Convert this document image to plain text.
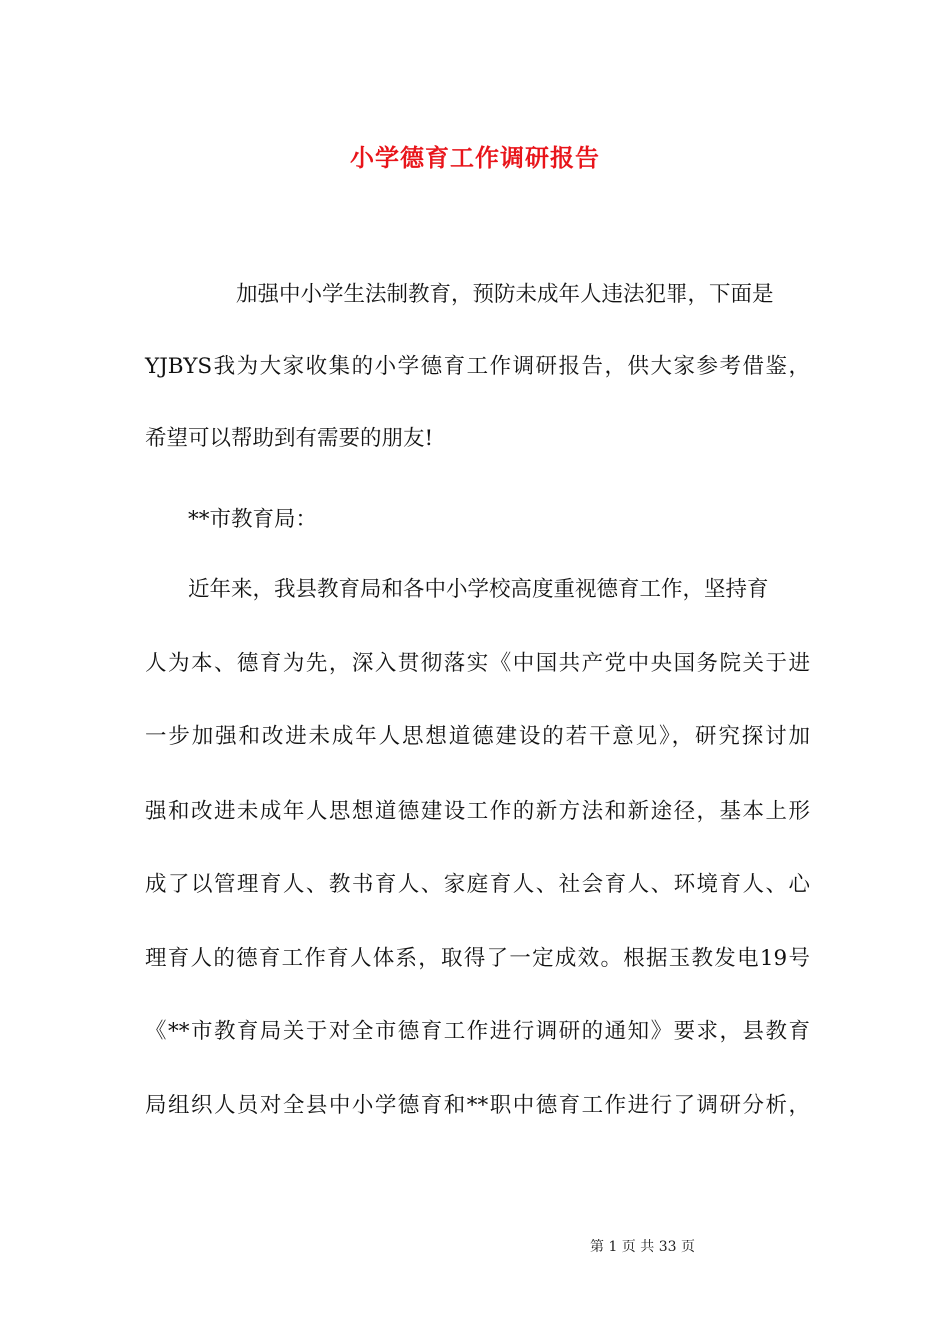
小学德育工作调研报告
加强中小学生法制教育，预防未成年人违法犯罪，下面是
YJBYS我为大家收集的小学德育工作调研报告，供大家参考借鉴，
希望可以帮助到有需要的朋友!
**市教育局：
近年来，我县教育局和各中小学校高度重视德育工作，坚持育
人为本、德育为先，深入贯彻落实《中国共产党中央国务院关于进
一步加强和改进未成年人思想道德建设的若干意见》，研究探讨加
强和改进未成年人思想道德建设工作的新方法和新途径，基本上形
成了以管理育人、教书育人、家庭育人、社会育人、环境育人、心
理育人的德育工作育人体系，取得了一定成效。根据玉教发电19号
《**市教育局关于对全市德育工作进行调研的通知》要求，县教育
局组织人员对全县中小学德育和**职中德育工作进行了调研分析，
第 1 页 共 33 页
